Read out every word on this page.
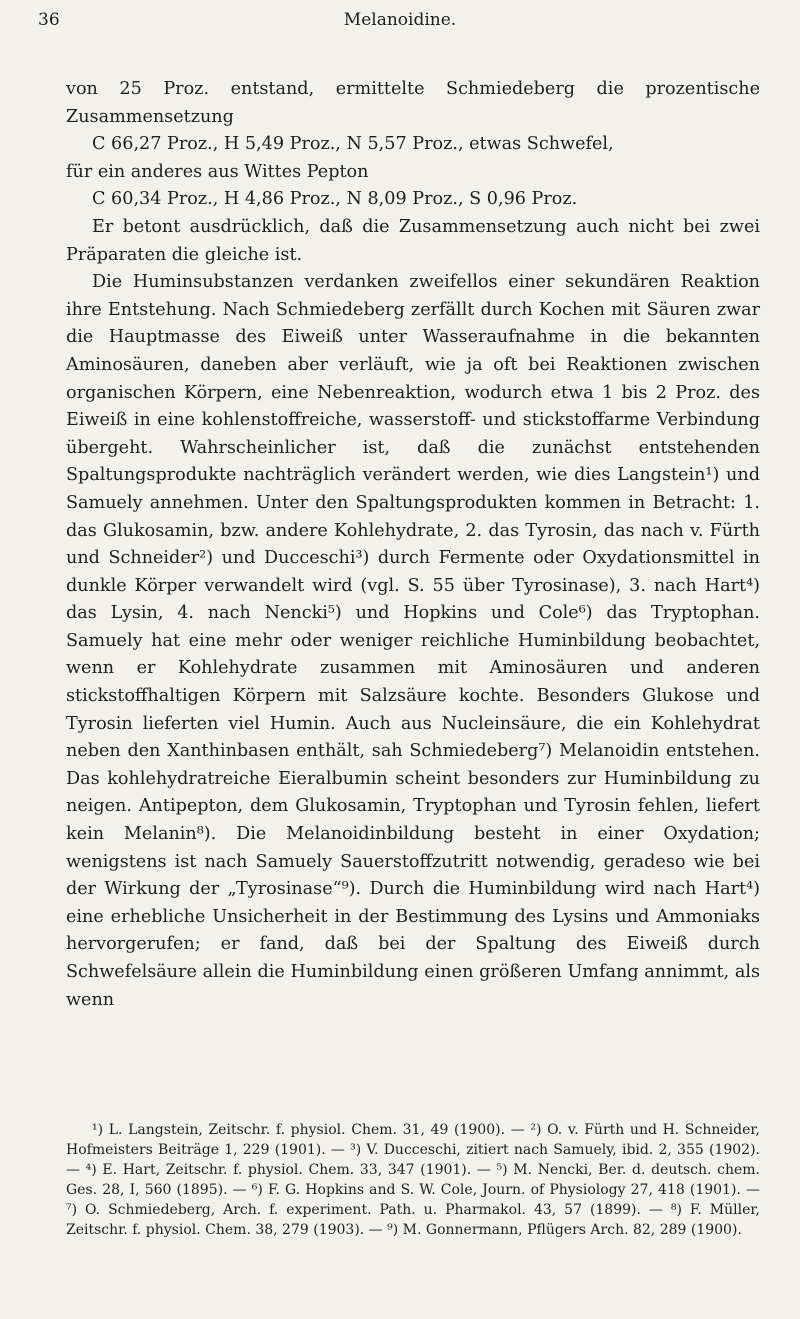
36	Melanoidine.

von 25 Proz. entstand, ermittelte Schmiedeberg die prozentische Zusammensetzung

C 66,27 Proz., H 5,49 Proz., N 5,57 Proz., etwas Schwefel,

für ein anderes aus Wittes Pepton

C 60,34 Proz., H 4,86 Proz., N 8,09 Proz., S 0,96 Proz.

Er betont ausdrücklich, daß die Zusammensetzung auch nicht bei zwei Präparaten die gleiche ist.

Die Huminsubstanzen verdanken zweifellos einer sekundären Reaktion ihre Entstehung. Nach Schmiedeberg zerfällt durch Kochen mit Säuren zwar die Hauptmasse des Eiweiß unter Wasseraufnahme in die bekannten Aminosäuren, daneben aber verläuft, wie ja oft bei Reaktionen zwischen organischen Körpern, eine Nebenreaktion, wodurch etwa 1 bis 2 Proz. des Eiweiß in eine kohlenstoffreiche, wasserstoff- und stickstoffarme Verbindung übergeht. Wahrscheinlicher ist, daß die zunächst entstehenden Spaltungsprodukte nachträglich verändert werden, wie dies Langstein¹) und Samuely annehmen. Unter den Spaltungsprodukten kommen in Betracht: 1. das Glukosamin, bzw. andere Kohlehydrate, 2. das Tyrosin, das nach v. Fürth und Schneider²) und Ducceschi³) durch Fermente oder Oxydationsmittel in dunkle Körper verwandelt wird (vgl. S. 55 über Tyrosinase), 3. nach Hart⁴) das Lysin, 4. nach Nencki⁵) und Hopkins und Cole⁶) das Tryptophan. Samuely hat eine mehr oder weniger reichliche Huminbildung beobachtet, wenn er Kohlehydrate zusammen mit Aminosäuren und anderen stickstoffhaltigen Körpern mit Salzsäure kochte. Besonders Glukose und Tyrosin lieferten viel Humin. Auch aus Nucleinsäure, die ein Kohlehydrat neben den Xanthinbasen enthält, sah Schmiedeberg⁷) Melanoidin entstehen. Das kohlehydratreiche Eieralbumin scheint besonders zur Huminbildung zu neigen. Antipepton, dem Glukosamin, Tryptophan und Tyrosin fehlen, liefert kein Melanin⁸). Die Melanoidinbildung besteht in einer Oxydation; wenigstens ist nach Samuely Sauerstoffzutritt notwendig, geradeso wie bei der Wirkung der „Tyrosinase“⁹). Durch die Huminbildung wird nach Hart⁴) eine erhebliche Unsicherheit in der Bestimmung des Lysins und Ammoniaks hervorgerufen; er fand, daß bei der Spaltung des Eiweiß durch Schwefelsäure allein die Huminbildung einen größeren Umfang annimmt, als wenn

¹) L. Langstein, Zeitschr. f. physiol. Chem. 31, 49 (1900). — ²) O. v. Fürth und H. Schneider, Hofmeisters Beiträge 1, 229 (1901). — ³) V. Ducceschi, zitiert nach Samuely, ibid. 2, 355 (1902). — ⁴) E. Hart, Zeitschr. f. physiol. Chem. 33, 347 (1901). — ⁵) M. Nencki, Ber. d. deutsch. chem. Ges. 28, I, 560 (1895). — ⁶) F. G. Hopkins and S. W. Cole, Journ. of Physiology 27, 418 (1901). — ⁷) O. Schmiedeberg, Arch. f. experiment. Path. u. Pharmakol. 43, 57 (1899). — ⁸) F. Müller, Zeitschr. f. physiol. Chem. 38, 279 (1903). — ⁹) M. Gonnermann, Pflügers Arch. 82, 289 (1900).
